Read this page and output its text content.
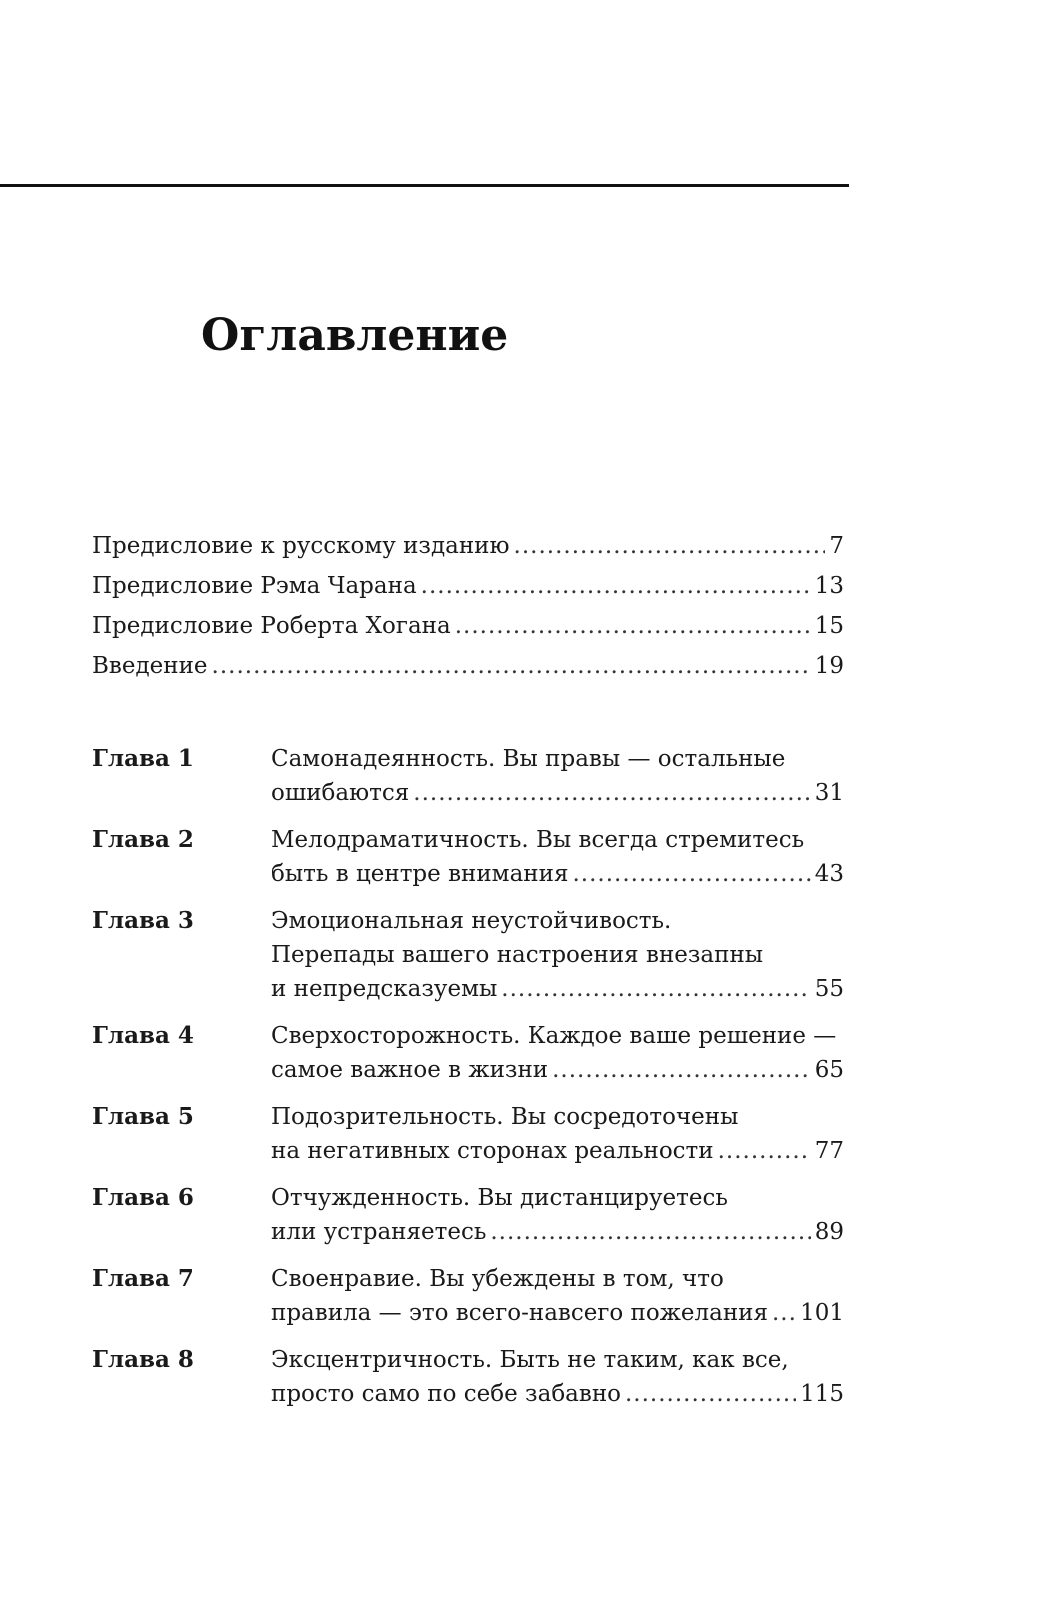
Оглавление
Предисловие к русскому изданию .....	7
Предисловие Рэма Чарана .....	13
Предисловие Роберта Хогана .....	15
Введение .....	19
Глава 1	Самонадеянность. Вы правы — остальные
ошибаются .....	31
Глава 2	Мелодраматичность. Вы всегда стремитесь
быть в центре внимания .....	43
Глава 3	Эмоциональная неустойчивость.
Перепады вашего настроения внезапны
и непредсказуемы .....	55
Глава 4	Сверхосторожность. Каждое ваше решение —
самое важное в жизни .....	65
Глава 5	Подозрительность. Вы сосредоточены
на негативных сторонах реальности .....	77
Глава 6	Отчужденность. Вы дистанцируетесь
или устраняетесь .....	89
Глава 7	Своенравие. Вы убеждены в том, что
правила — это всего-навсего пожелания ..... 101
Глава 8	Эксцентричность. Быть не таким, как все,
просто само по себе забавно .....	115
